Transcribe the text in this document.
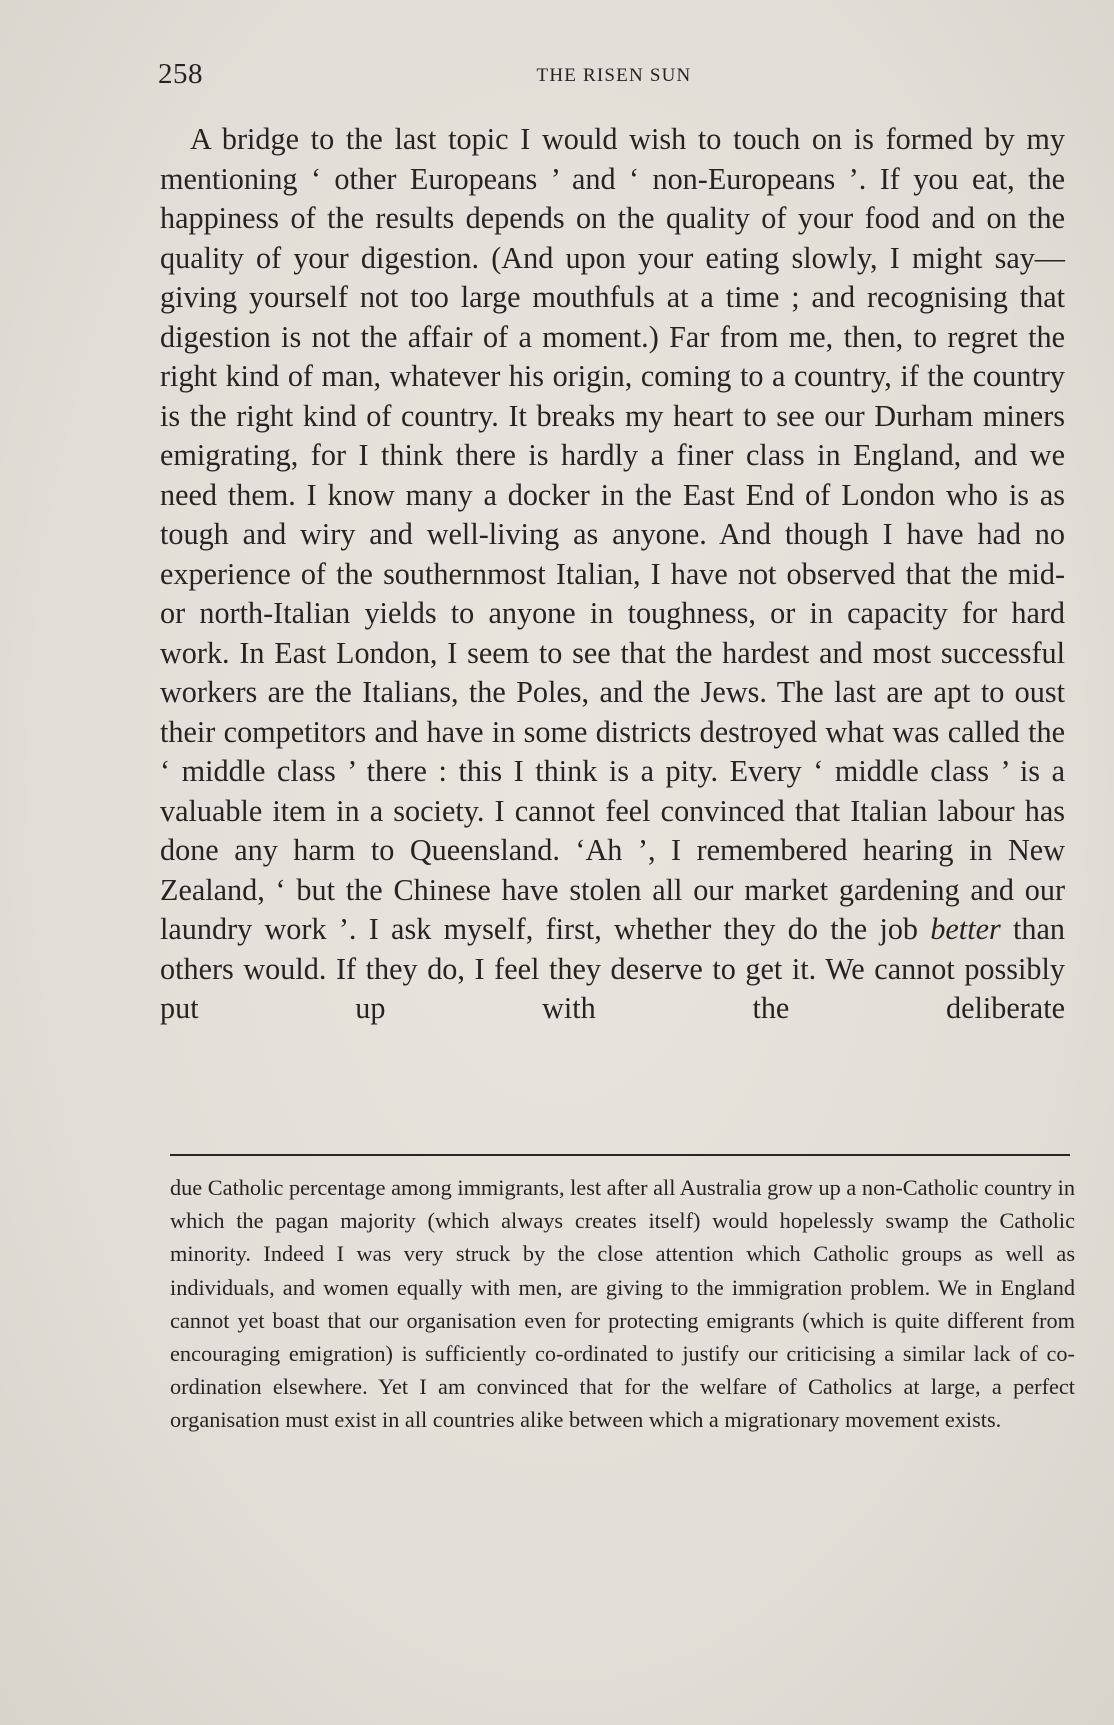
258	THE RISEN SUN

A bridge to the last topic I would wish to touch on is formed by my mentioning ‘ other Europeans ’ and ‘ non-Europeans ’. If you eat, the happiness of the results depends on the quality of your food and on the quality of your digestion. (And upon your eating slowly, I might say—giving yourself not too large mouthfuls at a time ; and recognising that digestion is not the affair of a moment.) Far from me, then, to regret the right kind of man, whatever his origin, coming to a country, if the country is the right kind of country. It breaks my heart to see our Durham miners emigrating, for I think there is hardly a finer class in England, and we need them. I know many a docker in the East End of London who is as tough and wiry and well-living as anyone. And though I have had no experience of the southernmost Italian, I have not observed that the mid- or north-Italian yields to anyone in toughness, or in capacity for hard work. In East London, I seem to see that the hardest and most successful workers are the Italians, the Poles, and the Jews. The last are apt to oust their competitors and have in some districts destroyed what was called the ‘ middle class ’ there : this I think is a pity. Every ‘ middle class ’ is a valuable item in a society. I cannot feel convinced that Italian labour has done any harm to Queensland. ‘Ah ’, I remembered hearing in New Zealand, ‘ but the Chinese have stolen all our market gardening and our laundry work ’. I ask myself, first, whether they do the job better than others would. If they do, I feel they deserve to get it. We cannot possibly put up with the deliberate

due Catholic percentage among immigrants, lest after all Australia grow up a non-Catholic country in which the pagan majority (which always creates itself) would hopelessly swamp the Catholic minority. Indeed I was very struck by the close attention which Catholic groups as well as individuals, and women equally with men, are giving to the immigration problem. We in England cannot yet boast that our organisation even for protecting emigrants (which is quite different from encouraging emigration) is sufficiently co-ordinated to justify our criticising a similar lack of co-ordination elsewhere. Yet I am convinced that for the welfare of Catholics at large, a perfect organisation must exist in all countries alike between which a migrationary movement exists.
